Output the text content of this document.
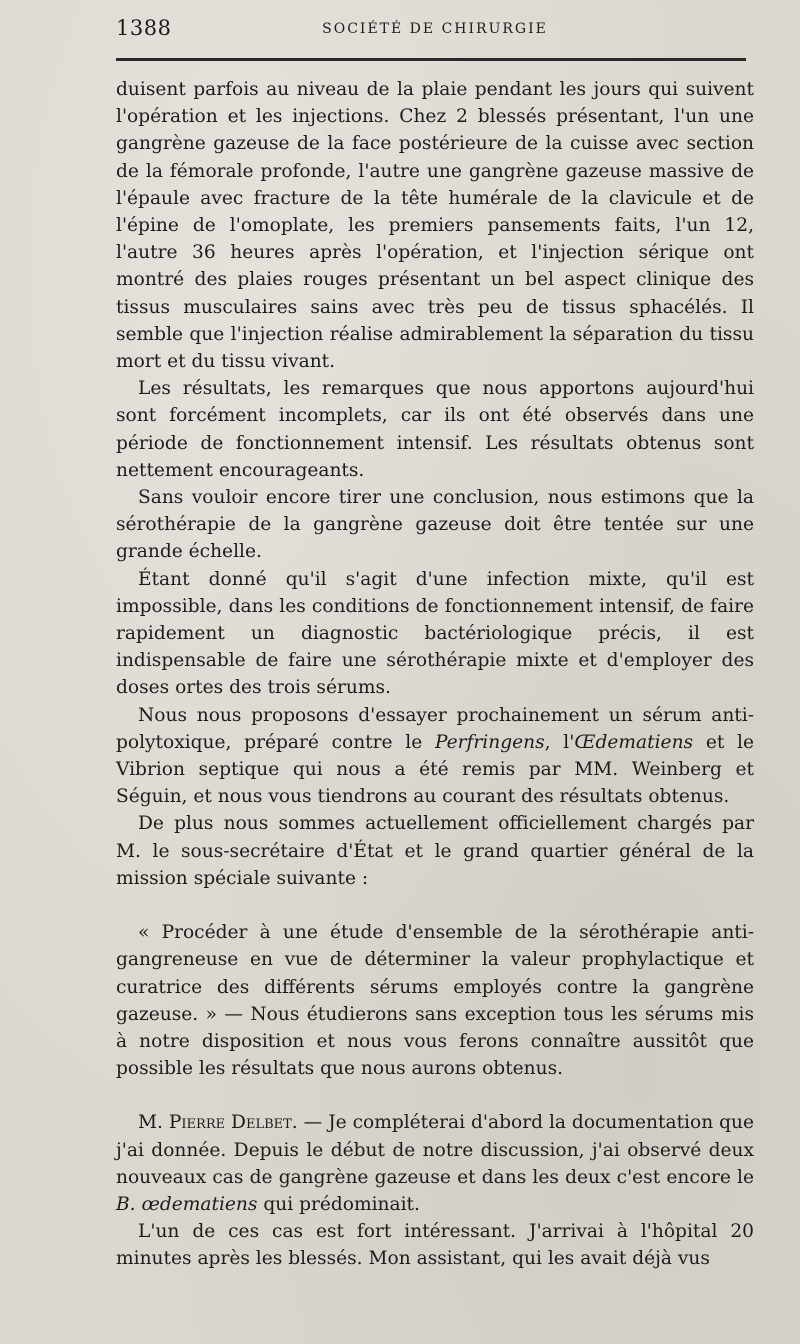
1388	SOCIÉTÉ DE CHIRURGIE

duisent parfois au niveau de la plaie pendant les jours qui suivent l'opération et les injections. Chez 2 blessés présentant, l'un une gangrène gazeuse de la face postérieure de la cuisse avec section de la fémorale profonde, l'autre une gangrène gazeuse massive de l'épaule avec fracture de la tête humérale de la clavicule et de l'épine de l'omoplate, les premiers pansements faits, l'un 12, l'autre 36 heures après l'opération, et l'injection sérique ont montré des plaies rouges présentant un bel aspect clinique des tissus musculaires sains avec très peu de tissus sphacélés. Il semble que l'injection réalise admirablement la séparation du tissu mort et du tissu vivant.

Les résultats, les remarques que nous apportons aujourd'hui sont forcément incomplets, car ils ont été observés dans une période de fonctionnement intensif. Les résultats obtenus sont nettement encourageants.

Sans vouloir encore tirer une conclusion, nous estimons que la sérothérapie de la gangrène gazeuse doit être tentée sur une grande échelle.

Étant donné qu'il s'agit d'une infection mixte, qu'il est impossible, dans les conditions de fonctionnement intensif, de faire rapidement un diagnostic bactériologique précis, il est indispensable de faire une sérothérapie mixte et d'employer des doses ortes des trois sérums.

Nous nous proposons d'essayer prochainement un sérum anti-polytoxique, préparé contre le Perfringens, l'Œdematiens et le Vibrion septique qui nous a été remis par MM. Weinberg et Séguin, et nous vous tiendrons au courant des résultats obtenus.

De plus nous sommes actuellement officiellement chargés par M. le sous-secrétaire d'État et le grand quartier général de la mission spéciale suivante :

« Procéder à une étude d'ensemble de la sérothérapie anti-gangreneuse en vue de déterminer la valeur prophylactique et curatrice des différents sérums employés contre la gangrène gazeuse. » — Nous étudierons sans exception tous les sérums mis à notre disposition et nous vous ferons connaître aussitôt que possible les résultats que nous aurons obtenus.

M. Pierre Delbet. — Je compléterai d'abord la documentation que j'ai donnée. Depuis le début de notre discussion, j'ai observé deux nouveaux cas de gangrène gazeuse et dans les deux c'est encore le B. œdematiens qui prédominait.

L'un de ces cas est fort intéressant. J'arrivai à l'hôpital 20 minutes après les blessés. Mon assistant, qui les avait déjà vus
